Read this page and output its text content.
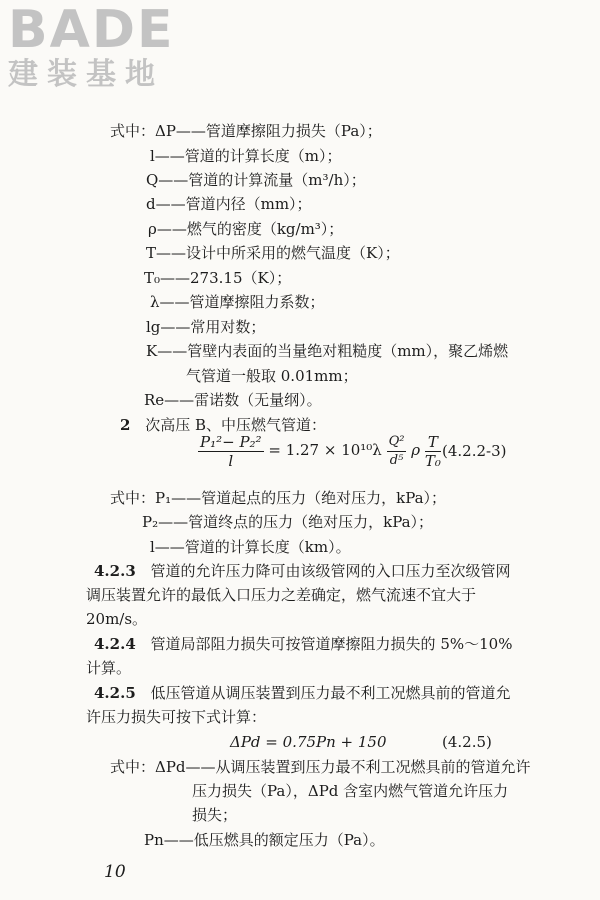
BADE
建装基地
式中：ΔP——管道摩擦阻力损失（Pa）；
l——管道的计算长度（m）；
Q——管道的计算流量（m³/h）；
d——管道内径（mm）；
ρ——燃气的密度（kg/m³）；
T——设计中所采用的燃气温度（K）；
T₀——273.15（K）；
λ——管道摩擦阻力系数；
lg——常用对数；
K——管壁内表面的当量绝对粗糙度（mm），聚乙烯燃
气管道一般取 0.01mm；
Re——雷诺数（无量纲）。
2 次高压 B、中压燃气管道：
$\frac{\text{P₁²− P₂²}}{l} = 1.27 \times 10^{10}\lambda \frac{\text{Q²}}{\text{d⁵}}$ ρ $\frac{T}{\text{T₀}} (4.2.2-3)$
式中：P₁——管道起点的压力（绝对压力，kPa）；
P₂——管道终点的压力（绝对压力，kPa）；
l——管道的计算长度（km）。
4.2.3 管道的允许压力降可由该级管网的入口压力至次级管网
调压装置允许的最低入口压力之差确定，燃气流速不宜大于
20m/s。
4.2.4 管道局部阻力损失可按管道摩擦阻力损失的 5%～10%
计算。
4.2.5 低压管道从调压装置到压力最不利工况燃具前的管道允
许压力损失可按下式计算：
ΔPd = 0.75Pn + 150	(4.2.5)
式中：ΔPd——从调压装置到压力最不利工况燃具前的管道允许
压力损失（Pa），ΔPd 含室内燃气管道允许压力
损失；
Pn——低压燃具的额定压力（Pa）。
10
